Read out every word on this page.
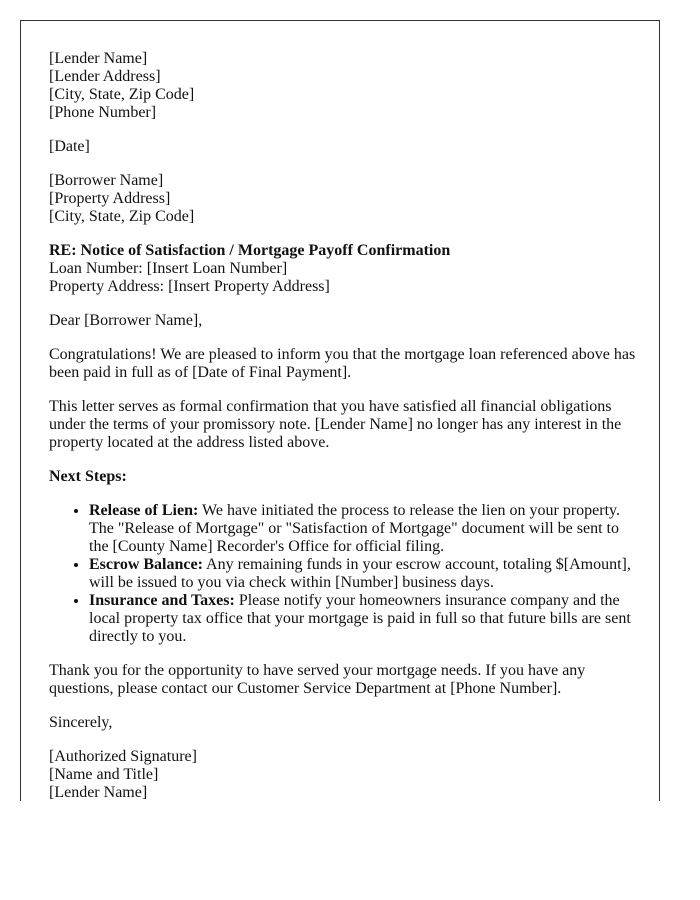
[Lender Name]
[Lender Address]
[City, State, Zip Code]
[Phone Number]

[Date]

[Borrower Name]
[Property Address]
[City, State, Zip Code]

RE: Notice of Satisfaction / Mortgage Payoff Confirmation
Loan Number: [Insert Loan Number]
Property Address: [Insert Property Address]

Dear [Borrower Name],

Congratulations! We are pleased to inform you that the mortgage loan referenced above has been paid in full as of [Date of Final Payment].

This letter serves as formal confirmation that you have satisfied all financial obligations under the terms of your promissory note. [Lender Name] no longer has any interest in the property located at the address listed above.

Next Steps:

• Release of Lien: We have initiated the process to release the lien on your property. The "Release of Mortgage" or "Satisfaction of Mortgage" document will be sent to the [County Name] Recorder's Office for official filing.
• Escrow Balance: Any remaining funds in your escrow account, totaling $[Amount], will be issued to you via check within [Number] business days.
• Insurance and Taxes: Please notify your homeowners insurance company and the local property tax office that your mortgage is paid in full so that future bills are sent directly to you.

Thank you for the opportunity to have served your mortgage needs. If you have any questions, please contact our Customer Service Department at [Phone Number].

Sincerely,

[Authorized Signature]
[Name and Title]
[Lender Name]
